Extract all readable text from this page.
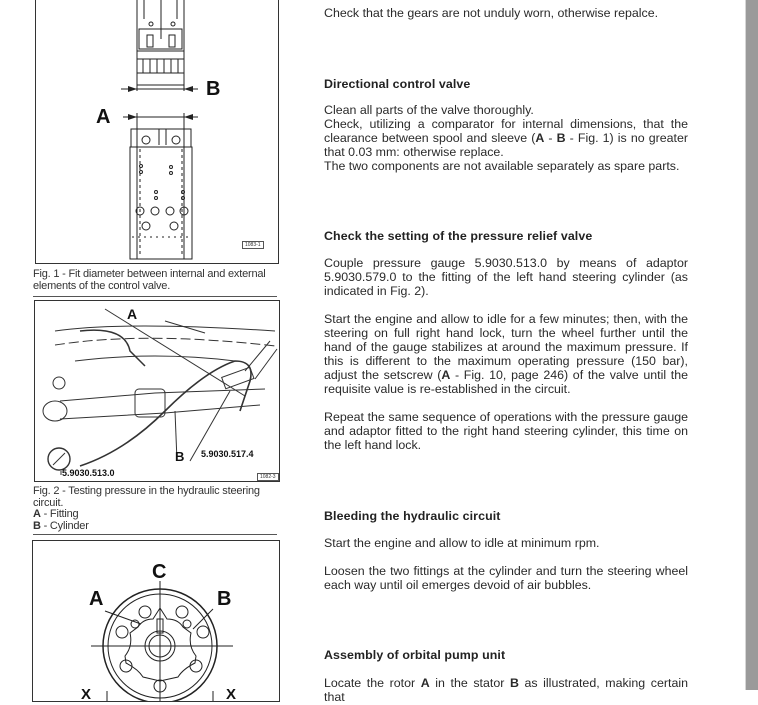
B
A
1083-1
Fig. 1 - Fit diameter between internal and external elements of the control valve.
A
B 5.9030.517.4
5.9030.513.0	1082-3
Fig. 2 - Testing pressure in the hydraulic steering circuit.
A - Fitting
B - Cylinder
C
A	B
X	X
Check that the gears are not unduly worn, otherwise repalce.
Directional control valve
Clean all parts of the valve thoroughly.
Check, utilizing a comparator for internal dimensions, that the clearance between spool and sleeve (A - B - Fig. 1) is no greater that 0.03 mm: otherwise replace.
The two components are not available separately as spare parts.
Check the setting of the pressure relief valve
Couple pressure gauge 5.9030.513.0 by means of adaptor 5.9030.579.0 to the fitting of the left hand steering cylinder (as indicated in Fig. 2).
Start the engine and allow to idle for a few minutes; then, with the steering on full right hand lock, turn the wheel further until the hand of the gauge stabilizes at around the maximum pressure. If this is different to the maximum operating pressure (150 bar), adjust the setscrew (A - Fig. 10, page 246) of the valve until the requisite value is re-established in the circuit.
Repeat the same sequence of operations with the pressure gauge and adaptor fitted to the right hand steering cylinder, this time on the left hand lock.
Bleeding the hydraulic circuit
Start the engine and allow to idle at minimum rpm.
Loosen the two fittings at the cylinder and turn the steering wheel each way until oil emerges devoid of air bubbles.
Assembly of orbital pump unit
Locate the rotor A in the stator B as illustrated, making certain that
